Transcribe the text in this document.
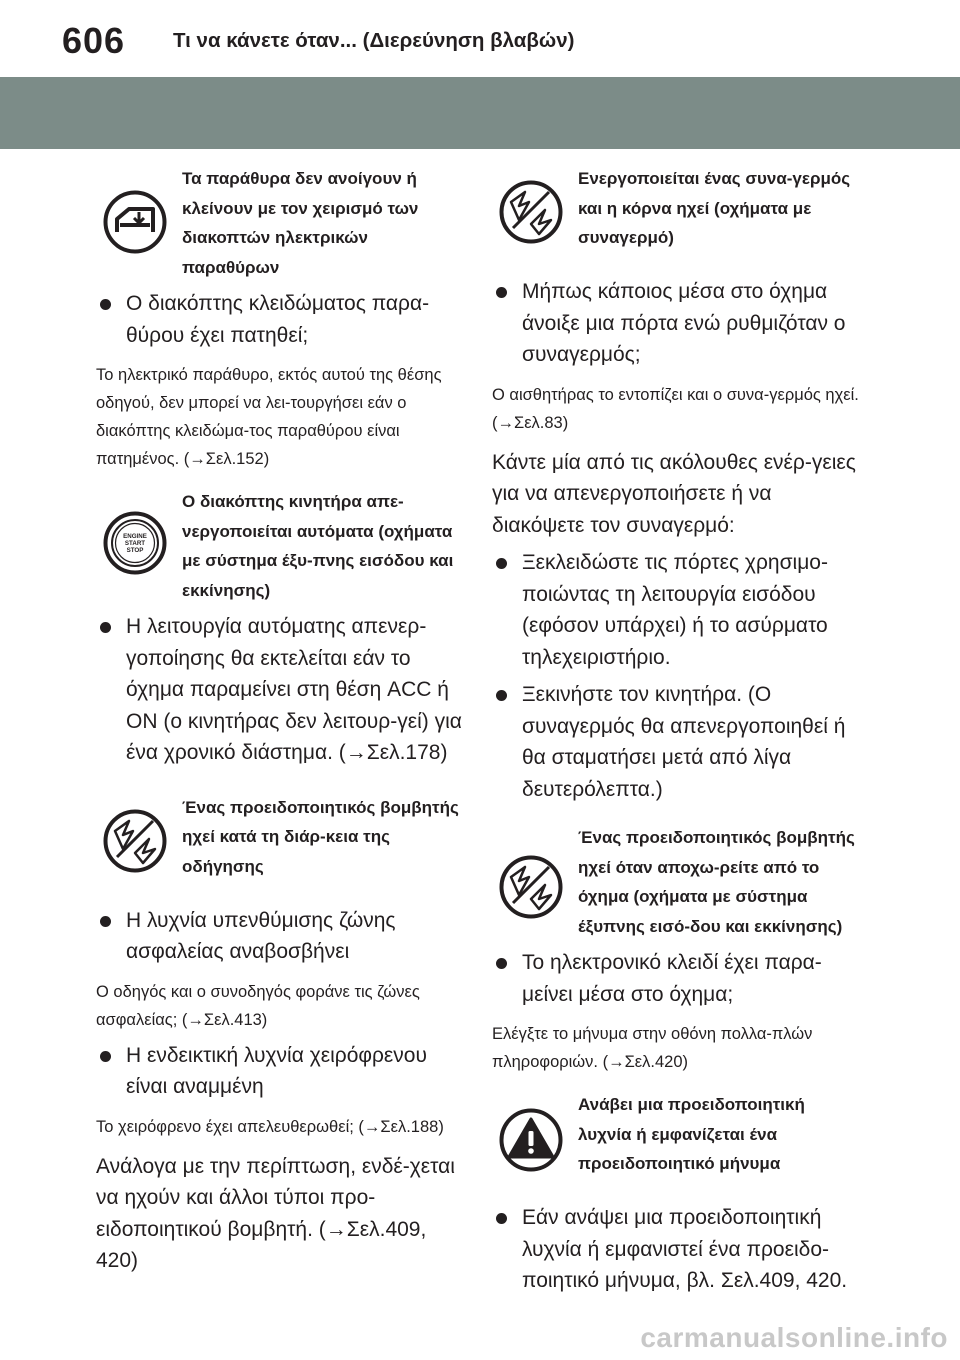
606 Τι να κάνετε όταν... (Διερεύνηση βλαβών)
Τα παράθυρα δεν ανοίγουν ή κλείνουν με τον χειρισμό των διακοπτών ηλεκτρικών παραθύρων
Ο διακόπτης κλειδώματος παρα-θύρου έχει πατηθεί;
Το ηλεκτρικό παράθυρο, εκτός αυτού της θέσης οδηγού, δεν μπορεί να λει-τουργήσει εάν ο διακόπτης κλειδώμα-τος παραθύρου είναι πατημένος. (→Σελ.152)
ENGINE
START
STOP
Ο διακόπτης κινητήρα απε-νεργοποιείται αυτόματα (οχήματα με σύστημα έξυ-πνης εισόδου και εκκίνησης)
Η λειτουργία αυτόματης απενερ-γοποίησης θα εκτελείται εάν το όχημα παραμείνει στη θέση ACC ή ON (ο κινητήρας δεν λειτουρ-γεί) για ένα χρονικό διάστημα. (→Σελ.178)
Ένας προειδοποιητικός βομβητής ηχεί κατά τη διάρ-κεια της οδήγησης
Η λυχνία υπενθύμισης ζώνης ασφαλείας αναβοσβήνει
Ο οδηγός και ο συνοδηγός φοράνε τις ζώνες ασφαλείας; (→Σελ.413)
Η ενδεικτική λυχνία χειρόφρενου είναι αναμμένη
Το χειρόφρενο έχει απελευθερωθεί; (→Σελ.188)
Ανάλογα με την περίπτωση, ενδέ-χεται να ηχούν και άλλοι τύποι προ-ειδοποιητικού βομβητή. (→Σελ.409, 420)
Ενεργοποιείται ένας συνα-γερμός και η κόρνα ηχεί (οχήματα με συναγερμό)
Μήπως κάποιος μέσα στο όχημα άνοιξε μια πόρτα ενώ ρυθμιζόταν ο συναγερμός;
Ο αισθητήρας το εντοπίζει και ο συνα-γερμός ηχεί. (→Σελ.83)
Κάντε μία από τις ακόλουθες ενέρ-γειες για να απενεργοποιήσετε ή να διακόψετε τον συναγερμό:
Ξεκλειδώστε τις πόρτες χρησιμο-ποιώντας τη λειτουργία εισόδου (εφόσον υπάρχει) ή το ασύρματο τηλεχειριστήριο.
Ξεκινήστε τον κινητήρα. (Ο συναγερμός θα απενεργοποιηθεί ή θα σταματήσει μετά από λίγα δευτερόλεπτα.)
Ένας προειδοποιητικός βομβητής ηχεί όταν αποχω-ρείτε από το όχημα (οχήματα με σύστημα έξυπνης εισό-δου και εκκίνησης)
Το ηλεκτρονικό κλειδί έχει παρα-μείνει μέσα στο όχημα;
Ελέγξτε το μήνυμα στην οθόνη πολλα-πλών πληροφοριών. (→Σελ.420)
Ανάβει μια προειδοποιητική λυχνία ή εμφανίζεται ένα προειδοποιητικό μήνυμα
Εάν ανάψει μια προειδοποιητική λυχνία ή εμφανιστεί ένα προειδο-ποιητικό μήνυμα, βλ. Σελ.409, 420.
carmanualsonline.info
